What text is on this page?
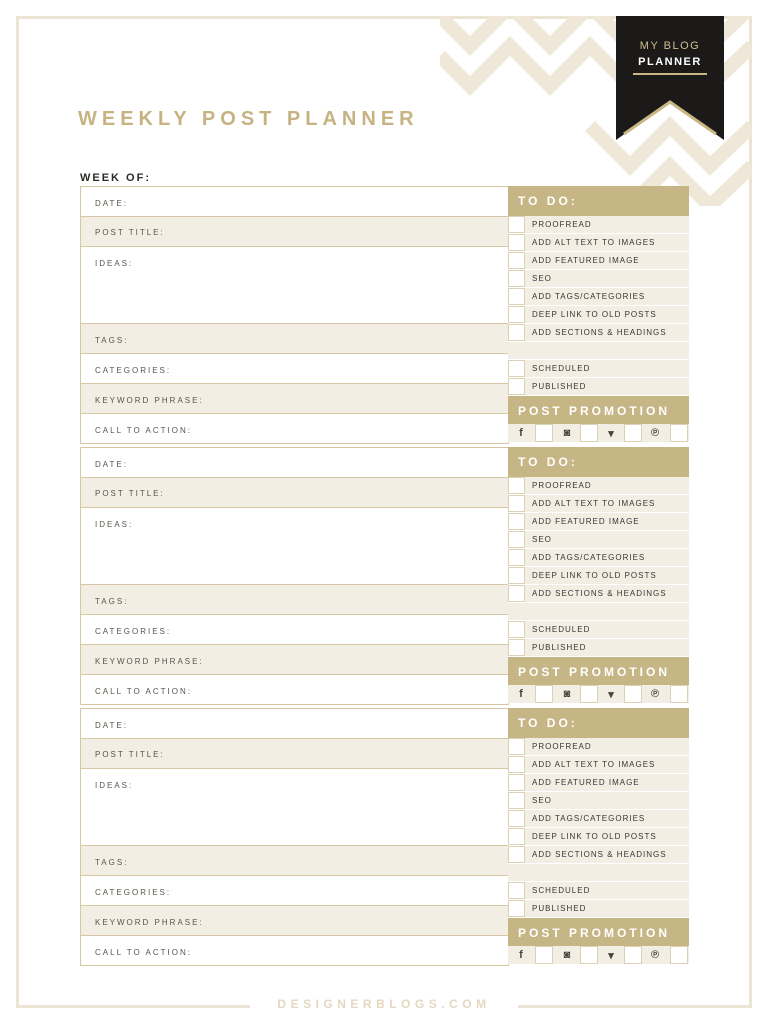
MY BLOG
PLANNER
WEEKLY POST PLANNER
WEEK OF:
DATE:
POST TITLE:
IDEAS:
TAGS:
CATEGORIES:
KEYWORD PHRASE:
CALL TO ACTION:
TO DO:
PROOFREAD
ADD ALT TEXT TO IMAGES
ADD FEATURED IMAGE
SEO
ADD TAGS/CATEGORIES
DEEP LINK TO OLD POSTS
ADD SECTIONS & HEADINGS
SCHEDULED
PUBLISHED
POST PROMOTION
f	◙	▾	℗
DATE:
POST TITLE:
IDEAS:
TAGS:
CATEGORIES:
KEYWORD PHRASE:
CALL TO ACTION:
TO DO:
PROOFREAD
ADD ALT TEXT TO IMAGES
ADD FEATURED IMAGE
SEO
ADD TAGS/CATEGORIES
DEEP LINK TO OLD POSTS
ADD SECTIONS & HEADINGS
SCHEDULED
PUBLISHED
POST PROMOTION
f	◙	▾	℗
DATE:
POST TITLE:
IDEAS:
TAGS:
CATEGORIES:
KEYWORD PHRASE:
CALL TO ACTION:
TO DO:
PROOFREAD
ADD ALT TEXT TO IMAGES
ADD FEATURED IMAGE
SEO
ADD TAGS/CATEGORIES
DEEP LINK TO OLD POSTS
ADD SECTIONS & HEADINGS
SCHEDULED
PUBLISHED
POST PROMOTION
f	◙	▾	℗
DESIGNERBLOGS.COM
